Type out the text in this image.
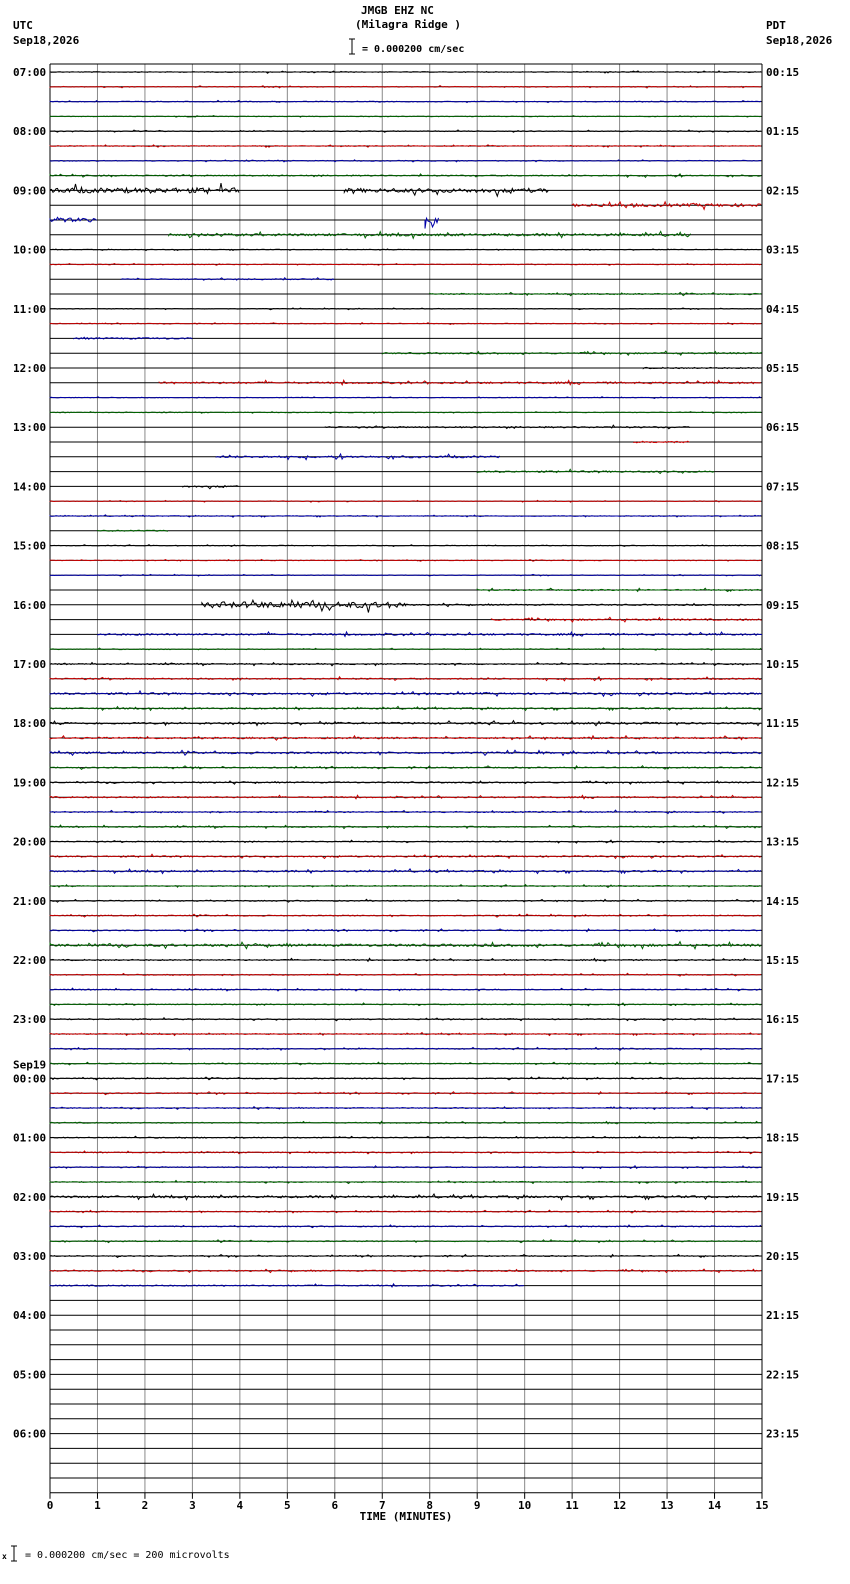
JMGB EHZ NC
(Milagra Ridge )
UTC
Sep18,2026
PDT
Sep18,2026
= 0.000200 cm/sec
x = 0.000200 cm/sec = 200 microvolts
0	1	2	3	4	5	6	7	8	9	10	11	12	13	14	15
TIME (MINUTES)
07:00
08:00
09:00
10:00
11:00
12:00
13:00
14:00
15:00
16:00
17:00
18:00
19:00
20:00
21:00
22:00
23:00
00:00
01:00
02:00
03:00
04:00
05:00
06:00
00:15
01:15
02:15
03:15
04:15
05:15
06:15
07:15
08:15
09:15
10:15
11:15
12:15
13:15
14:15
15:15
16:15
17:15
18:15
19:15
20:15
21:15
22:15
23:15
Sep19
